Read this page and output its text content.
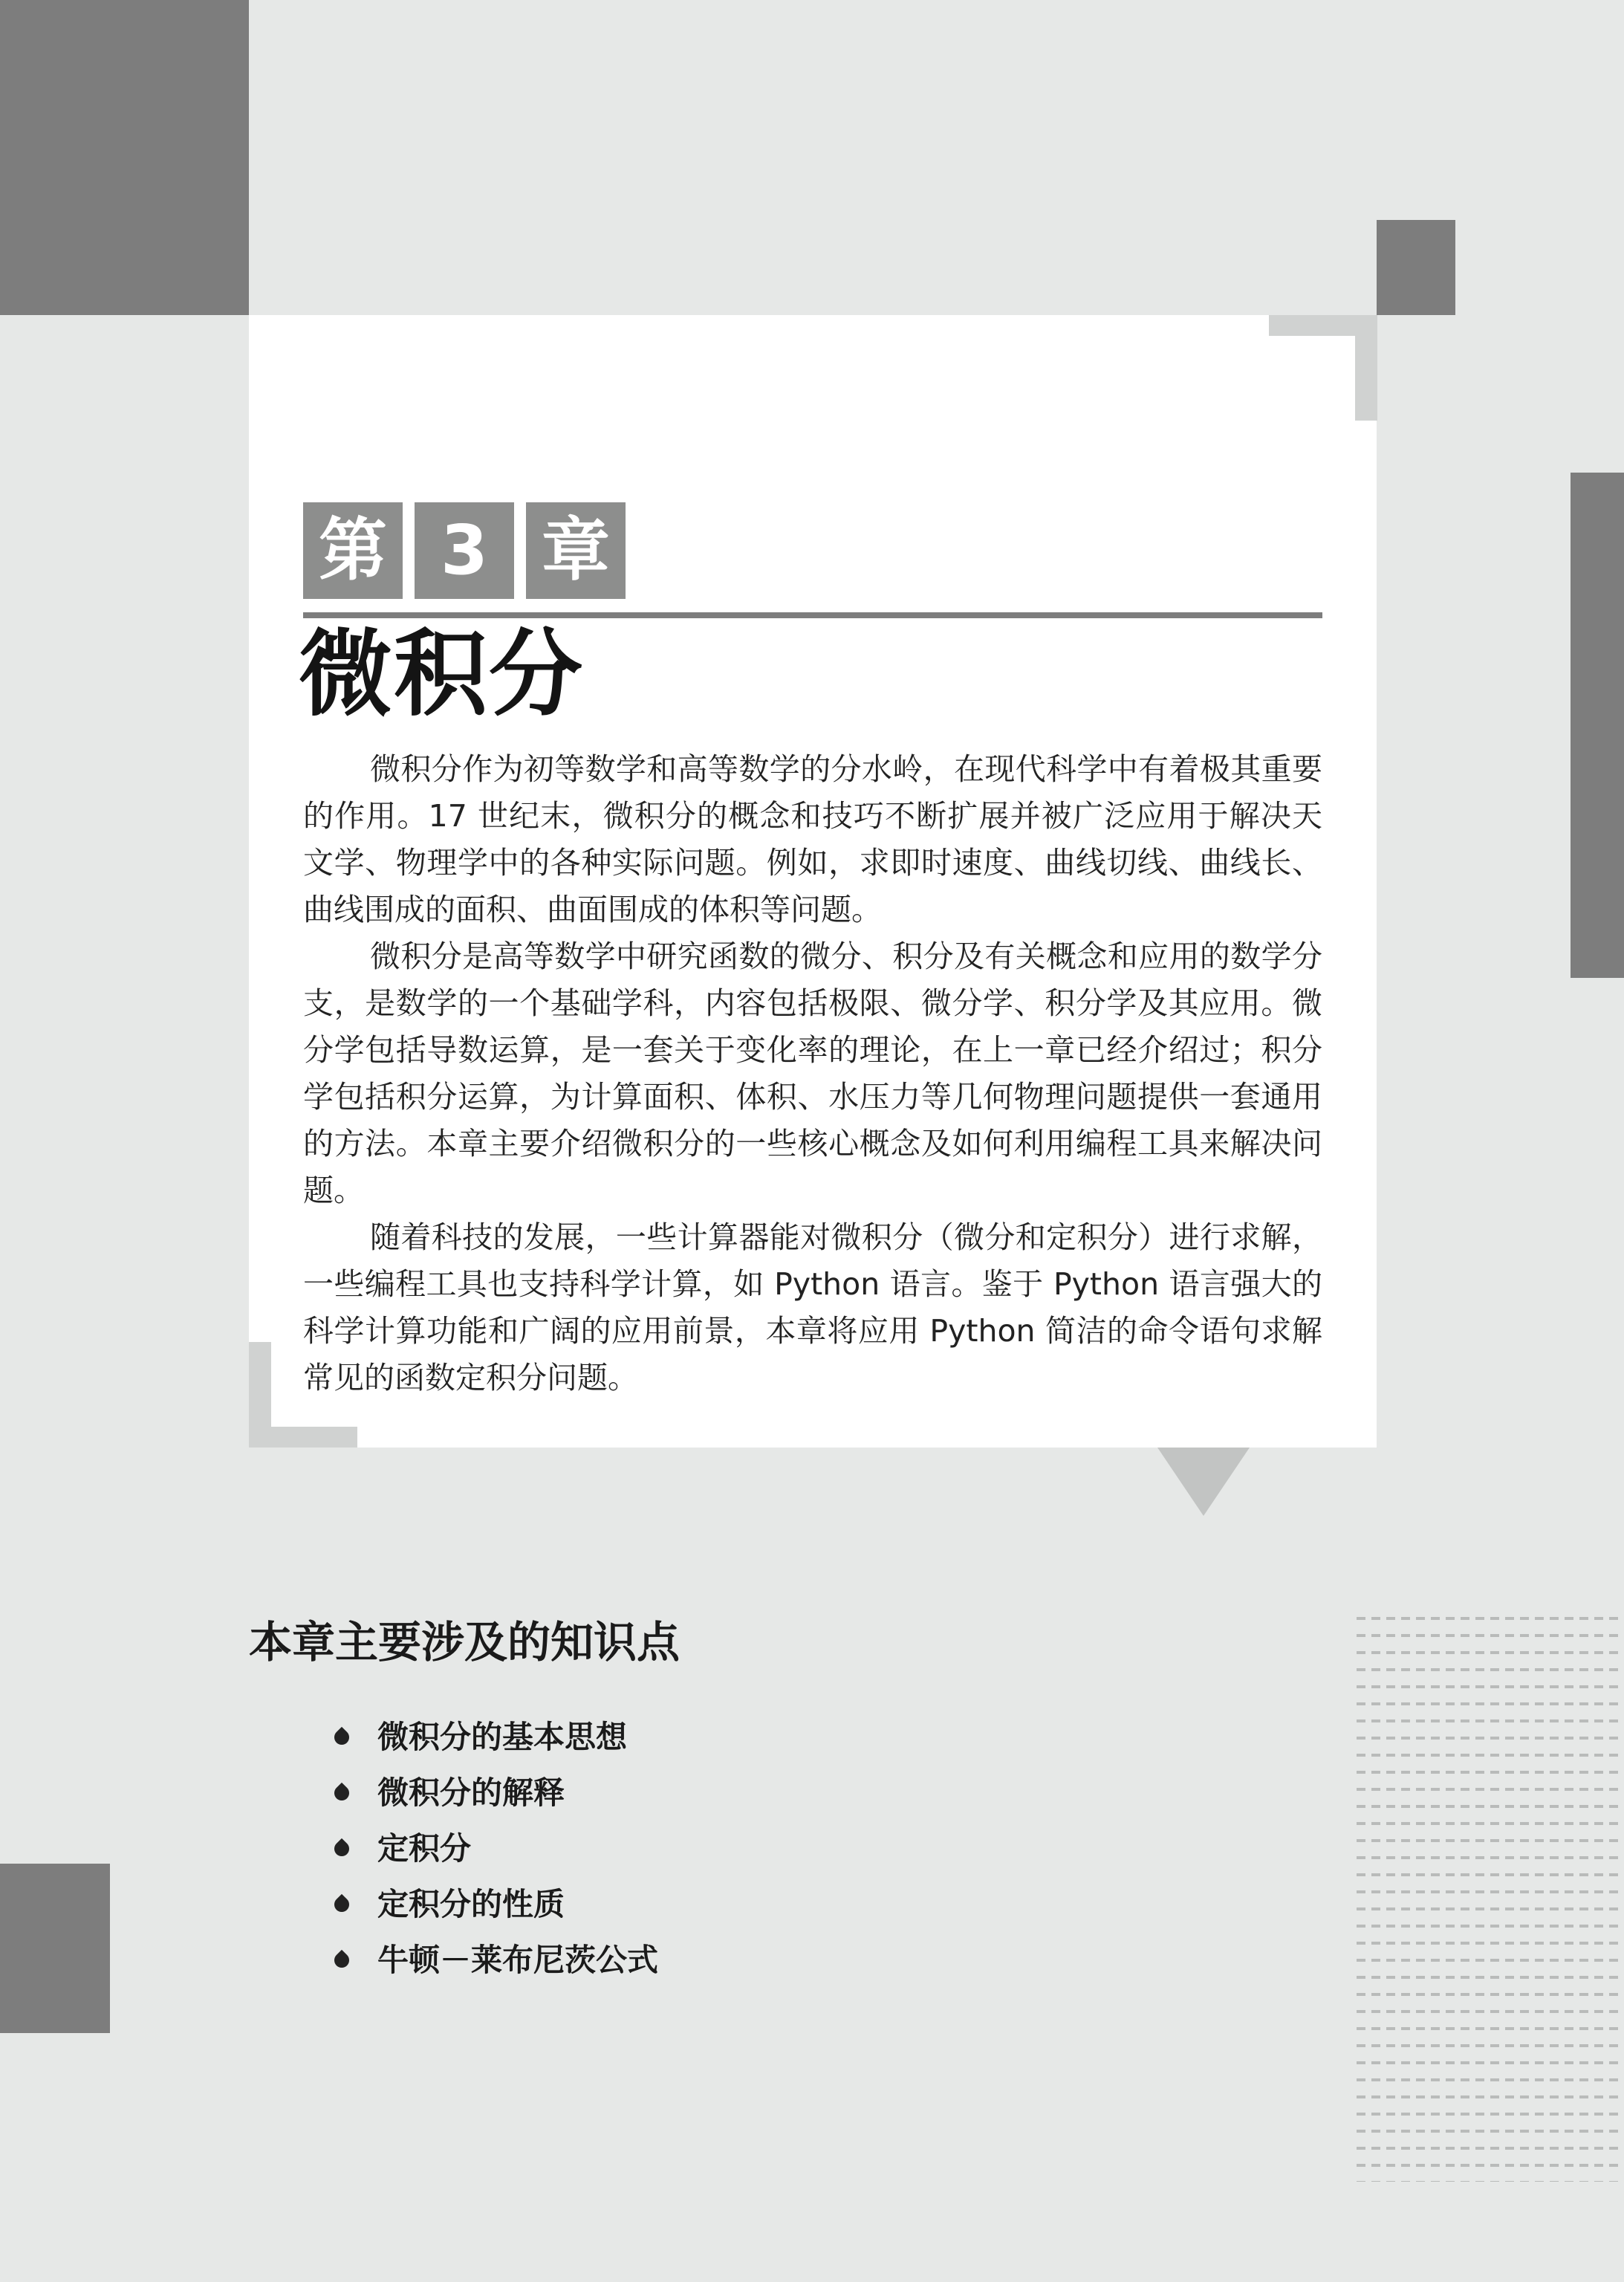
第 3 章
微积分

微积分作为初等数学和高等数学的分水岭，在现代科学中有着极其重要的作用。17 世纪末，微积分的概念和技巧不断扩展并被广泛应用于解决天文学、物理学中的各种实际问题。例如，求即时速度、曲线切线、曲线长、曲线围成的面积、曲面围成的体积等问题。

微积分是高等数学中研究函数的微分、积分及有关概念和应用的数学分支，是数学的一个基础学科，内容包括极限、微分学、积分学及其应用。微分学包括导数运算，是一套关于变化率的理论，在上一章已经介绍过；积分学包括积分运算，为计算面积、体积、水压力等几何物理问题提供一套通用的方法。本章主要介绍微积分的一些核心概念及如何利用编程工具来解决问题。

随着科技的发展，一些计算器能对微积分（微分和定积分）进行求解，一些编程工具也支持科学计算，如 Python 语言。鉴于 Python 语言强大的科学计算功能和广阔的应用前景，本章将应用 Python 简洁的命令语句求解常见的函数定积分问题。

本章主要涉及的知识点
微积分的基本思想
微积分的解释
定积分
定积分的性质
牛顿－莱布尼茨公式
